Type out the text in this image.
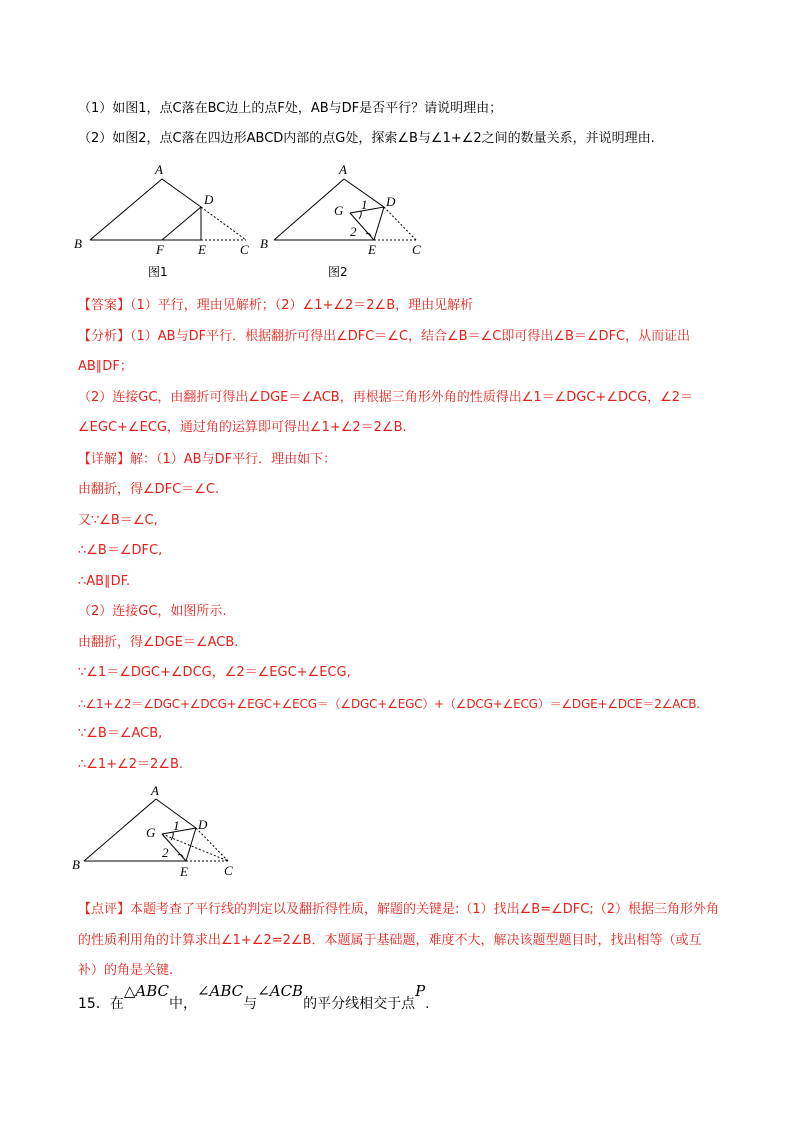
（1）如图1，点C落在BC边上的点F处，AB与DF是否平行？请说明理由；
（2）如图2，点C落在四边形ABCD内部的点G处，探索∠B与∠1+∠2之间的数量关系，并说明理由.
A
D
B	F	E	C
图1
A
G 1 D
2
B	E	C
图2
【答案】（1）平行，理由见解析；（2）∠1+∠2＝2∠B，理由见解析
【分析】（1）AB与DF平行．根据翻折可得出∠DFC＝∠C，结合∠B＝∠C即可得出∠B＝∠DFC，从而证出
AB∥DF；
（2）连接GC，由翻折可得出∠DGE＝∠ACB，再根据三角形外角的性质得出∠1＝∠DGC+∠DCG，∠2＝
∠EGC+∠ECG，通过角的运算即可得出∠1+∠2＝2∠B.
【详解】解：（1）AB与DF平行．理由如下：
由翻折，得∠DFC＝∠C.
又∵∠B＝∠C,
∴∠B＝∠DFC,
∴AB∥DF.
（2）连接GC，如图所示.
由翻折，得∠DGE＝∠ACB.
∵∠1＝∠DGC+∠DCG，∠2＝∠EGC+∠ECG,
∴∠1+∠2＝∠DGC+∠DCG+∠EGC+∠ECG＝（∠DGC+∠EGC）+（∠DCG+∠ECG）＝∠DGE+∠DCE＝2∠ACB.
∵∠B＝∠ACB,
∴∠1+∠2＝2∠B.
A
G 1 D
2
B	E	C
【点评】本题考查了平行线的判定以及翻折得性质，解题的关键是:（1）找出∠B=∠DFC;（2）根据三角形外角
的性质利用角的计算求出∠1+∠2=2∠B．本题属于基础题，难度不大，解决该题型题目时，找出相等（或互
补）的角是关键.
15．在△ABC中，∠ABC与∠ACB的平分线相交于点P.
